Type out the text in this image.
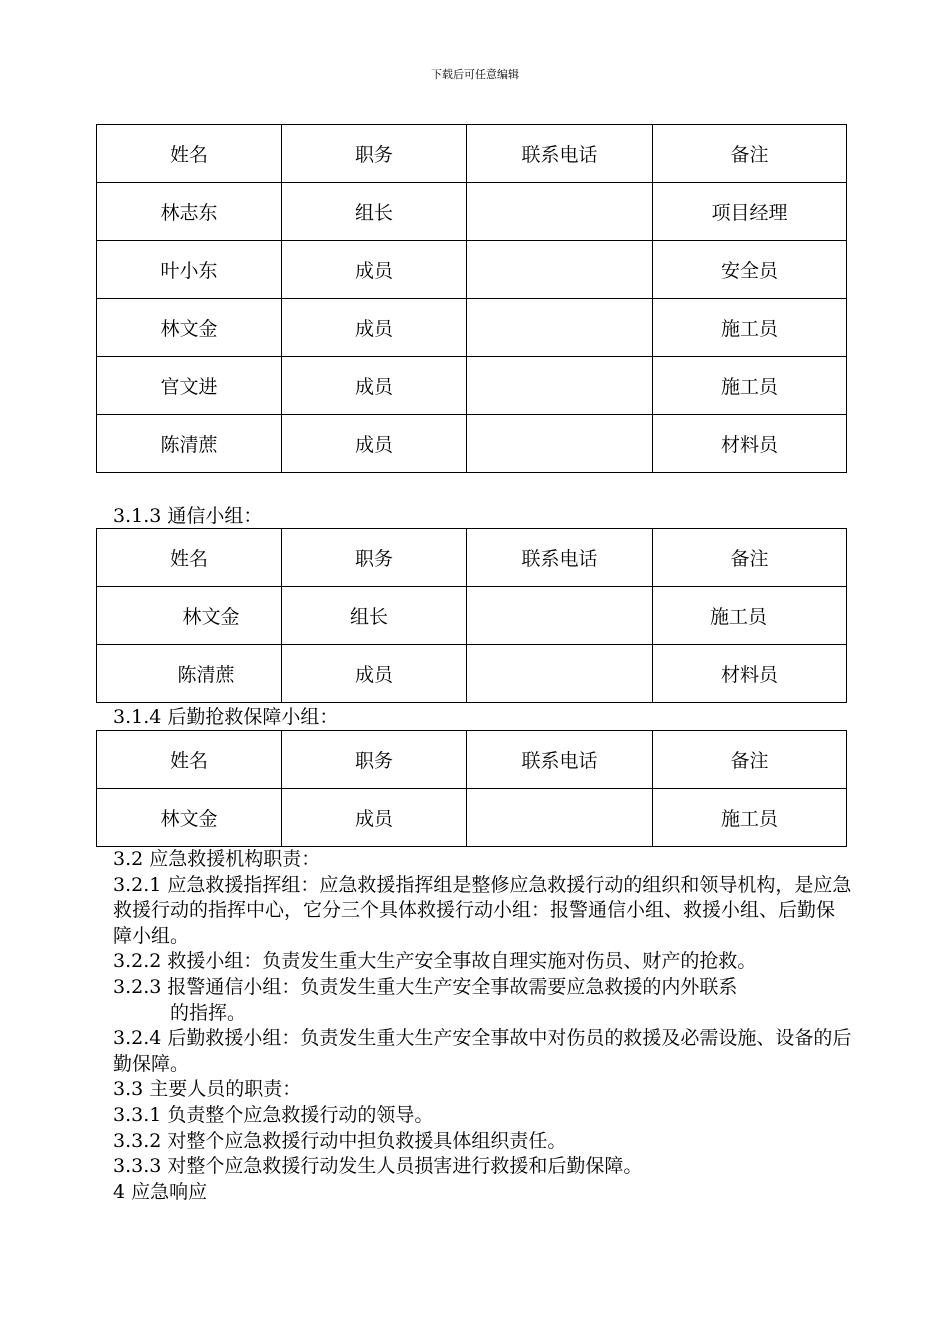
下载后可任意编辑
姓名	职务	联系电话	备注
林志东	组长		项目经理
叶小东	成员		安全员
林文金	成员		施工员
官文进	成员		施工员
陈清蔗	成员		材料员
3.1.3 通信小组：
姓名	职务	联系电话	备注
林文金	组长		施工员
陈清蔗	成员		材料员
3.1.4 后勤抢救保障小组：
姓名	职务	联系电话	备注
林文金	成员		施工员

3.2 应急救援机构职责：

3.2.1 应急救援指挥组：应急救援指挥组是整修应急救援行动的组织和领导机构，是应急救援行动的指挥中心，它分三个具体救援行动小组：报警通信小组、救援小组、后勤保障小组。

3.2.2 救援小组：负责发生重大生产安全事故自理实施对伤员、财产的抢救。

3.2.3 报警通信小组：负责发生重大生产安全事故需要应急救援的内外联系
的指挥。

3.2.4 后勤救援小组：负责发生重大生产安全事故中对伤员的救援及必需设施、设备的后勤保障。

3.3 主要人员的职责：

3.3.1 负责整个应急救援行动的领导。

3.3.2 对整个应急救援行动中担负救援具体组织责任。

3.3.3 对整个应急救援行动发生人员损害进行救援和后勤保障。

4 应急响应
